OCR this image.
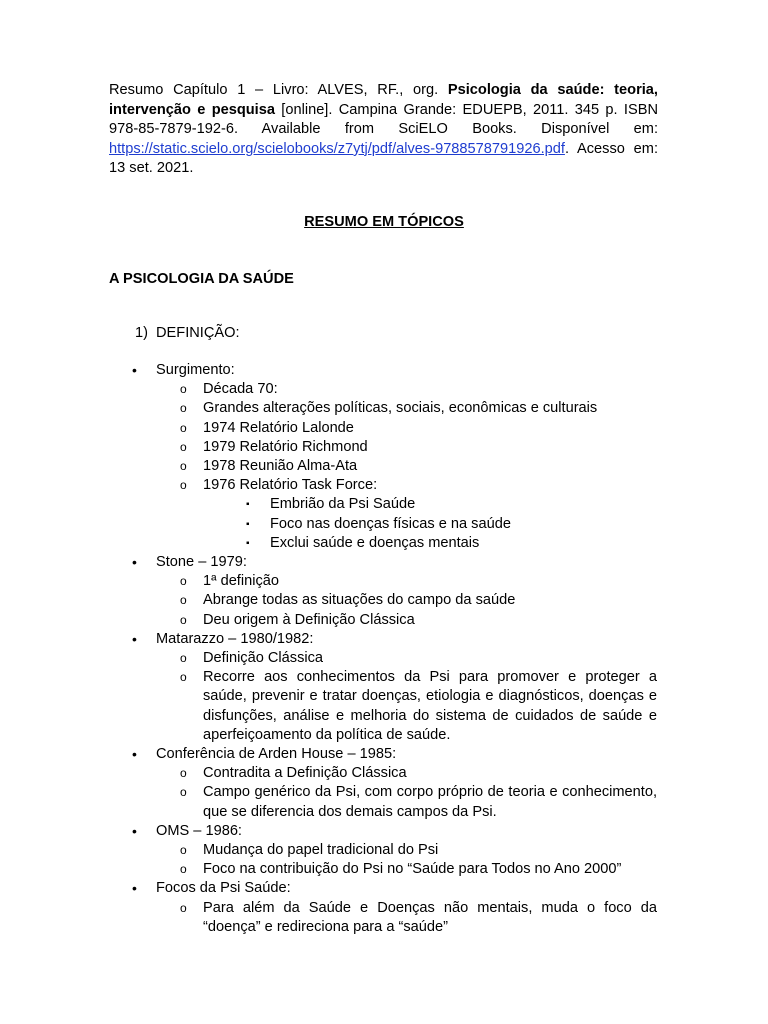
Resumo Capítulo 1 – Livro: ALVES, RF., org. Psicologia da saúde: teoria, intervenção e pesquisa [online]. Campina Grande: EDUEPB, 2011. 345 p. ISBN 978-85-7879-192-6. Available from SciELO Books. Disponível em: https://static.scielo.org/scielobooks/z7ytj/pdf/alves-9788578791926.pdf. Acesso em: 13 set. 2021.

RESUMO EM TÓPICOS
A PSICOLOGIA DA SAÚDE
1) DEFINIÇÃO:
• Surgimento:
o Década 70:
o Grandes alterações políticas, sociais, econômicas e culturais
o 1974 Relatório Lalonde
o 1979 Relatório Richmond
o 1978 Reunião Alma-Ata
o 1976 Relatório Task Force:
▪ Embrião da Psi Saúde
▪ Foco nas doenças físicas e na saúde
▪ Exclui saúde e doenças mentais
• Stone – 1979:
o 1ª definição
o Abrange todas as situações do campo da saúde
o Deu origem à Definição Clássica
• Matarazzo – 1980/1982:
o Definição Clássica
o Recorre aos conhecimentos da Psi para promover e proteger a saúde, prevenir e tratar doenças, etiologia e diagnósticos, doenças e disfunções, análise e melhoria do sistema de cuidados de saúde e aperfeiçoamento da política de saúde.
• Conferência de Arden House – 1985:
o Contradita a Definição Clássica
o Campo genérico da Psi, com corpo próprio de teoria e conhecimento, que se diferencia dos demais campos da Psi.
• OMS – 1986:
o Mudança do papel tradicional do Psi
o Foco na contribuição do Psi no “Saúde para Todos no Ano 2000”
• Focos da Psi Saúde:
o Para além da Saúde e Doenças não mentais, muda o foco da “doença” e redireciona para a “saúde”
